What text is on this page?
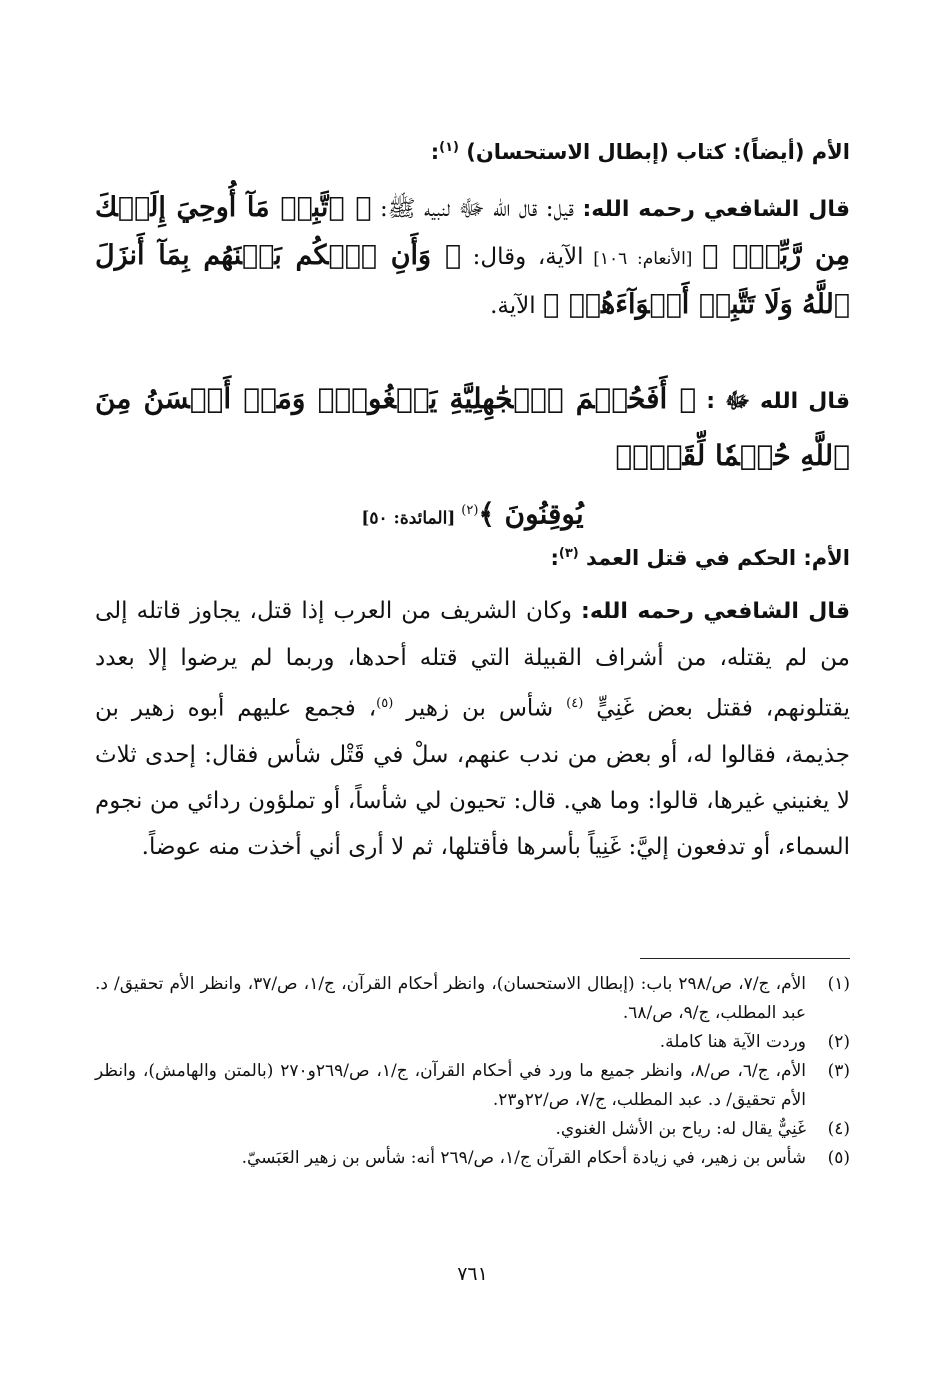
الأم (أيضاً): كتاب (إبطال الاستحسان) $^{(١)}$:

قال الشافعي رحمه الله: قيل: قال الله ﷻ لنبيه ﷺ: ﴿ ٱتَّبِعۡ مَآ أُوحِيَ إِلَيۡكَ مِن رَّبِّكَۖ ﴾ [الأنعام: ١٠٦] الآية، وقال: ﴿ وَأَنِ ٱحۡكُم بَيۡنَهُم بِمَآ أَنزَلَ ٱللَّهُ وَلَا تَتَّبِعۡ أَهۡوَآءَهُمۡ ﴾ الآية.

قال الله ﷻ : ﴿ أَفَحُكۡمَ ٱلۡجَٰهِلِيَّةِ يَبۡغُونَۚ وَمَنۡ أَحۡسَنُ مِنَ ٱللَّهِ حُكۡمٗا لِّقَوۡمٖ

يُوقِنُونَ ﴾$^{(٢)}$ [المائدة: ٥٠]

الأم: الحكم في قتل العمد $^{(٣)}$:

قال الشافعي رحمه الله: وكان الشريف من العرب إذا قتل، يجاوز قاتله إلى من لم يقتله، من أشراف القبيلة التي قتله أحدها، وربما لم يرضوا إلا بعدد يقتلونهم، فقتل بعض غَنِيٍّ $^{(٤)}$ شأس بن زهير $^{(٥)}$، فجمع عليهم أبوه زهير بن جذيمة، فقالوا له، أو بعض من ندب عنهم، سلْ في قَتْل شأس فقال: إحدى ثلاث لا يغنيني غيرها، قالوا: وما هي. قال: تحيون لي شأساً، أو تملؤون ردائي من نجوم السماء، أو تدفعون إليَّ: غَنِياً بأسرها فأقتلها، ثم لا أرى أني أخذت منه عوضاً.

(١)
الأم، ج/٧، ص/٢٩٨ باب: (إبطال الاستحسان)، وانظر أحكام القرآن، ج/١، ص/٣٧، وانظر الأم تحقيق/ د. عبد المطلب، ج/٩، ص/٦٨.
(٢)
وردت الآية هنا كاملة.
(٣)
الأم، ج/٦، ص/٨، وانظر جميع ما ورد في أحكام القرآن، ج/١، ص/٢٦٩و٢٧٠ (بالمتن والهامش)، وانظر الأم تحقيق/ د. عبد المطلب، ج/٧، ص/٢٢و٢٣.
(٤)
غَنِيٌّ يقال له: رياح بن الأشل الغنوي.
(٥)
شأس بن زهير، في زيادة أحكام القرآن ج/١، ص/٢٦٩ أنه: شأس بن زهير العَبَسيّ.
٧٦١
